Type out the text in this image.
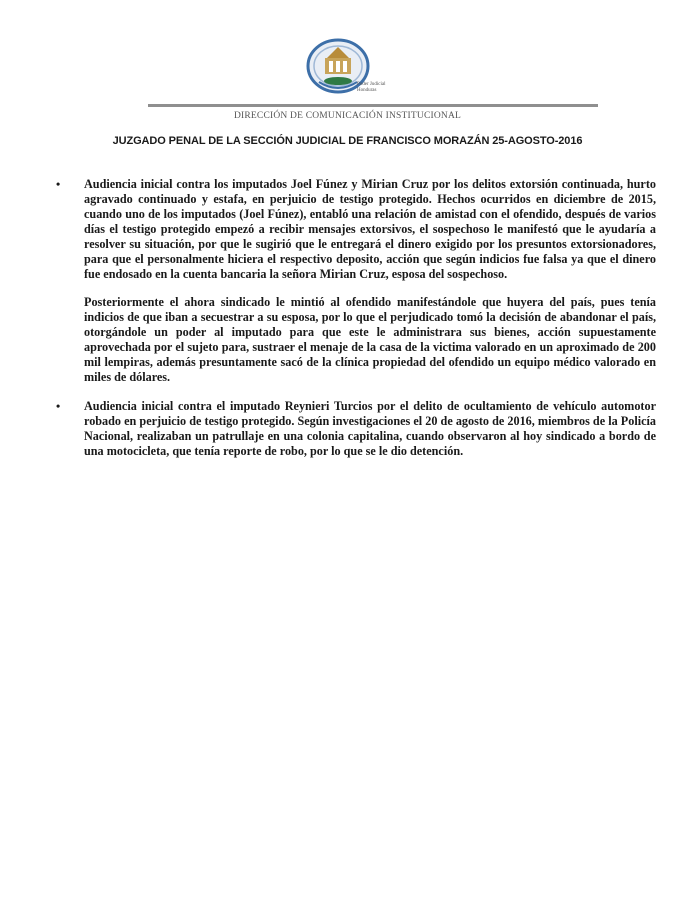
Poder Judicial
Honduras
DIRECCIÓN DE COMUNICACIÓN INSTITUCIONAL
JUZGADO PENAL DE LA SECCIÓN JUDICIAL DE FRANCISCO MORAZÁN 25-AGOSTO-2016
• Audiencia inicial contra los imputados Joel Fúnez y Mirian Cruz por los delitos extorsión continuada, hurto agravado continuado y estafa, en perjuicio de testigo protegido. Hechos ocurridos en diciembre de 2015, cuando uno de los imputados (Joel Fúnez), entabló una relación de amistad con el ofendido, después de varios días el testigo protegido empezó a recibir mensajes extorsivos, el sospechoso le manifestó que le ayudaría a resolver su situación, por que le sugirió que le entregará el dinero exigido por los presuntos extorsionadores, para que el personalmente hiciera el respectivo deposito, acción que según indicios fue falsa ya que el dinero fue endosado en la cuenta bancaria la señora Mirian Cruz, esposa del sospechoso.

Posteriormente el ahora sindicado le mintió al ofendido manifestándole que huyera del país, pues tenía indicios de que iban a secuestrar a su esposa, por lo que el perjudicado tomó la decisión de abandonar el país, otorgándole un poder al imputado para que este le administrara sus bienes, acción supuestamente aprovechada por el sujeto para, sustraer el menaje de la casa de la victima valorado en un aproximado de 200 mil lempiras, además presuntamente sacó de la clínica propiedad del ofendido un equipo médico valorado en miles de dólares.

• Audiencia inicial contra el imputado Reynieri Turcios por el delito de ocultamiento de vehículo automotor robado en perjuicio de testigo protegido. Según investigaciones el 20 de agosto de 2016, miembros de la Policía Nacional, realizaban un patrullaje en una colonia capitalina, cuando observaron al hoy sindicado a bordo de una motocicleta, que tenía reporte de robo, por lo que se le dio detención.
